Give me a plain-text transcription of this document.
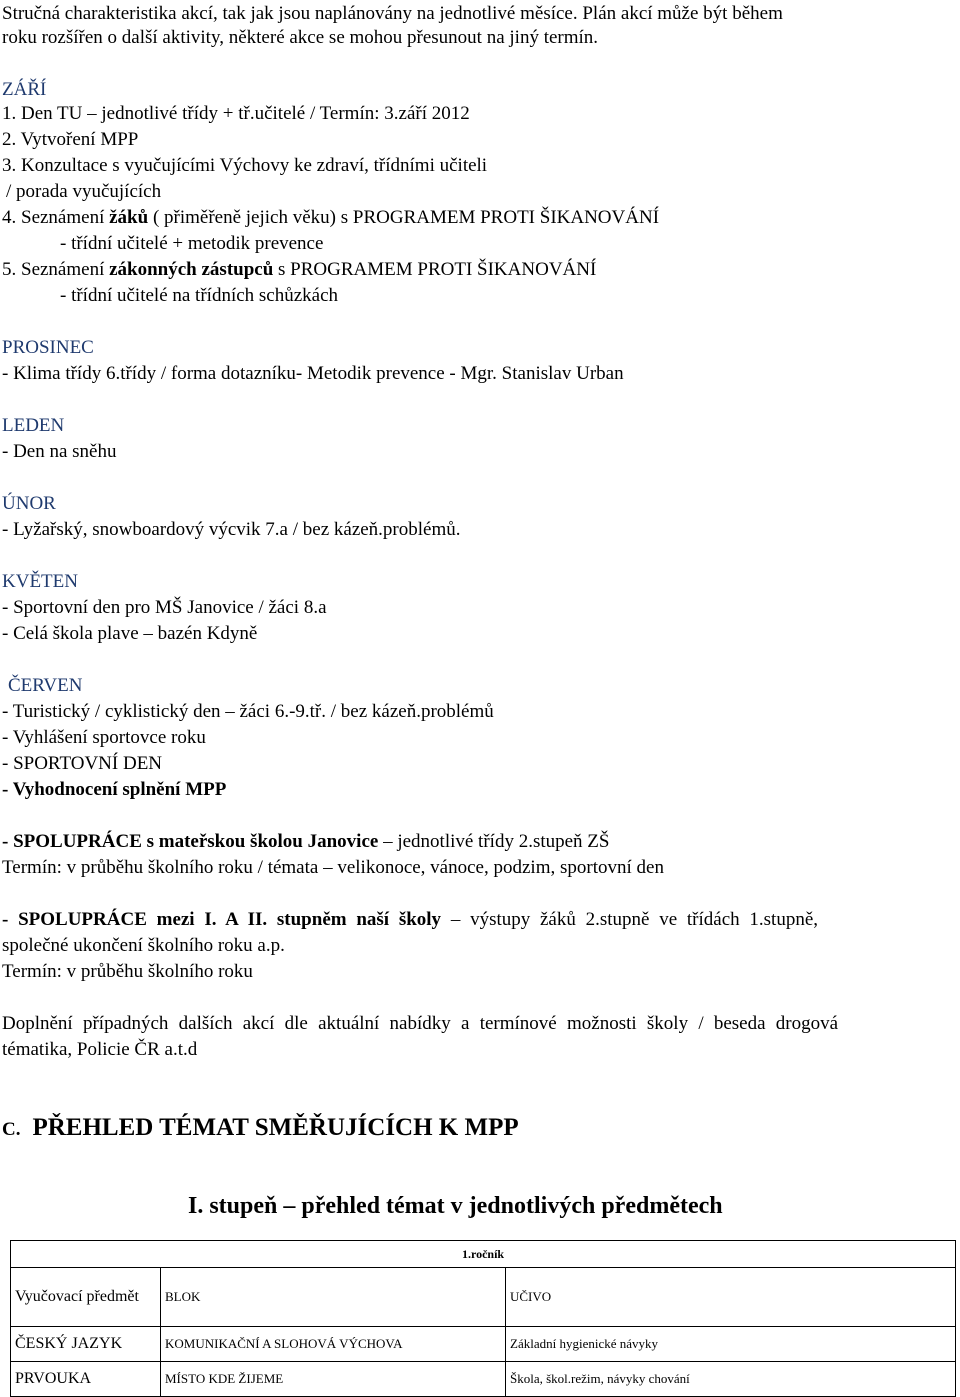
Stručná charakteristika akcí, tak jak jsou naplánovány na jednotlivé měsíce. Plán akcí může být během
roku rozšířen o další aktivity, některé akce se mohou přesunout na jiný termín.
ZÁŘÍ
1. Den TU – jednotlivé třídy + tř.učitelé / Termín: 3.září 2012
2. Vytvoření MPP
3. Konzultace s vyučujícími Výchovy ke zdraví, třídními učiteli
/ porada vyučujících
4. Seznámení žáků ( přiměřeně jejich věku) s PROGRAMEM PROTI ŠIKANOVÁNÍ
- třídní učitelé + metodik prevence
5. Seznámení zákonných zástupců s PROGRAMEM PROTI ŠIKANOVÁNÍ
- třídní učitelé na třídních schůzkách
PROSINEC
- Klima třídy 6.třídy / forma dotazníku- Metodik prevence - Mgr. Stanislav Urban
LEDEN
- Den na sněhu
ÚNOR
- Lyžařský, snowboardový výcvik 7.a / bez kázeň.problémů.
KVĚTEN
- Sportovní den pro MŠ Janovice / žáci 8.a
- Celá škola plave – bazén Kdyně
ČERVEN
- Turistický / cyklistický den – žáci 6.-9.tř. / bez kázeň.problémů
- Vyhlášení sportovce roku
- SPORTOVNÍ DEN
- Vyhodnocení splnění MPP
- SPOLUPRÁCE s mateřskou školou Janovice – jednotlivé třídy 2.stupeň ZŠ
Termín: v průběhu školního roku / témata – velikonoce, vánoce, podzim, sportovní den
- SPOLUPRÁCE mezi I. A II. stupněm naší školy – výstupy žáků 2.stupně ve třídách 1.stupně,
společné ukončení školního roku a.p.
Termín: v průběhu školního roku
Doplnění případných dalších akcí dle aktuální nabídky a termínové možnosti školy / beseda drogová
tématika, Policie ČR a.t.d
C. PŘEHLED TÉMAT SMĚŘUJÍCÍCH K MPP
I. stupeň – přehled témat v jednotlivých předmětech
1.ročník		
Vyučovací předmět	BLOK	UČIVO
ČESKÝ JAZYK	KOMUNIKAČNÍ A SLOHOVÁ VÝCHOVA	Základní hygienické návyky
PRVOUKA	MÍSTO KDE ŽIJEME	Škola, škol.režim, návyky chování
